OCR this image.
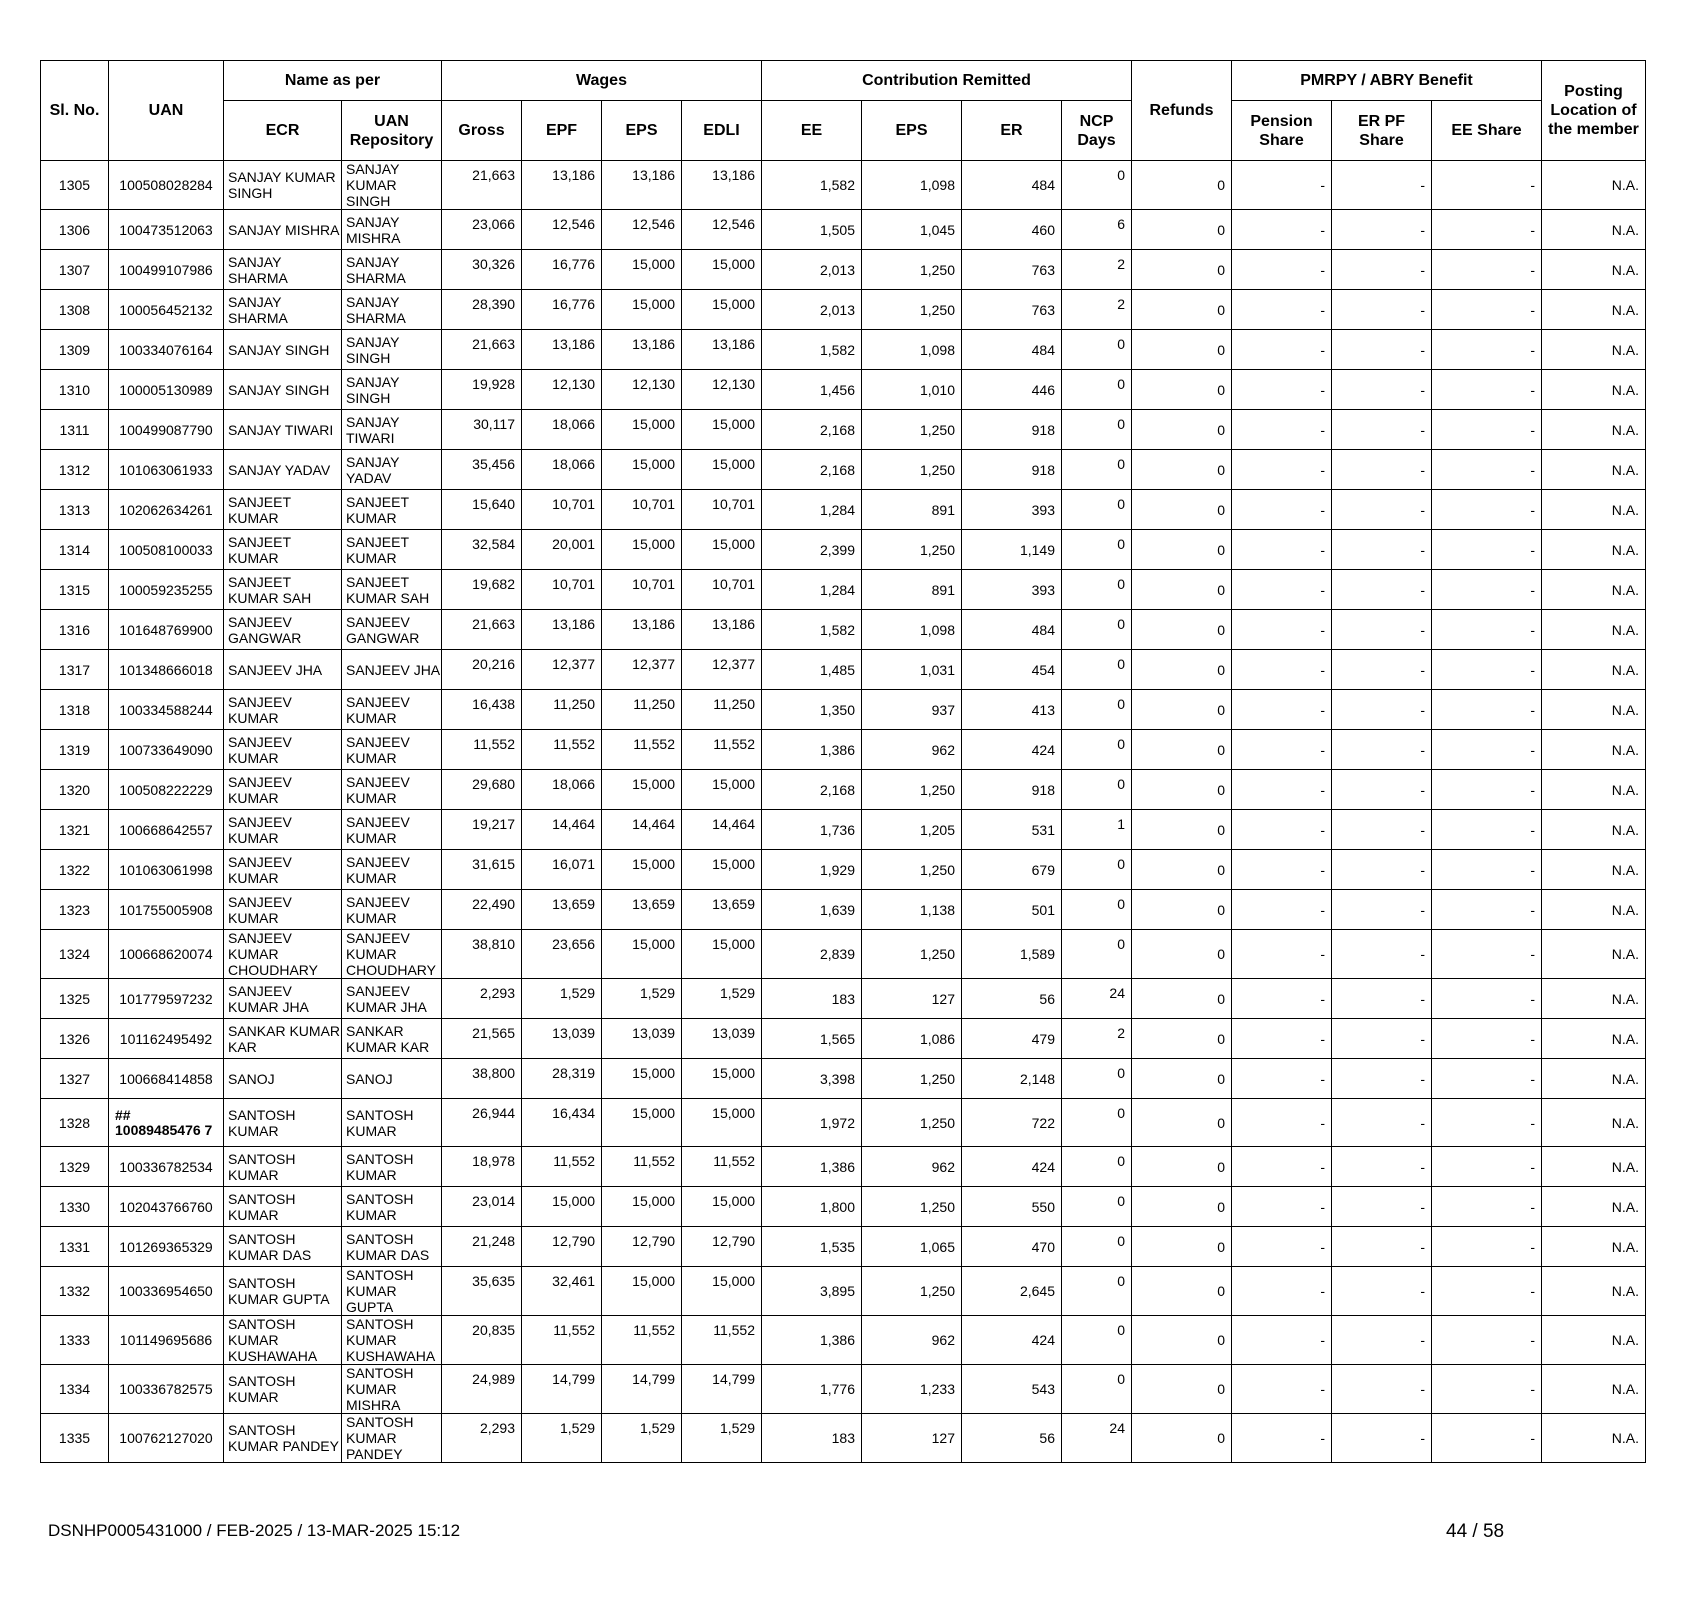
Sl. No.	UAN	Name as per		Wages				Contribution Remitted				Refunds	PMRPY / ABRY Benefit			Posting Location of the member
		ECR	UAN Repository	Gross	EPF	EPS	EDLI	EE	EPS	ER	NCP Days		Pension Share	ER PF Share	EE Share	
1305	100508028284	SANJAY KUMAR SINGH	SANJAY KUMAR SINGH	21,663	13,186	13,186	13,186	1,582	1,098	484	0	0	-	-	-	N.A.
1306	100473512063	SANJAY MISHRA	SANJAY MISHRA	23,066	12,546	12,546	12,546	1,505	1,045	460	6	0	-	-	-	N.A.
1307	100499107986	SANJAY SHARMA	SANJAY SHARMA	30,326	16,776	15,000	15,000	2,013	1,250	763	2	0	-	-	-	N.A.
1308	100056452132	SANJAY SHARMA	SANJAY SHARMA	28,390	16,776	15,000	15,000	2,013	1,250	763	2	0	-	-	-	N.A.
1309	100334076164	SANJAY SINGH	SANJAY SINGH	21,663	13,186	13,186	13,186	1,582	1,098	484	0	0	-	-	-	N.A.
1310	100005130989	SANJAY SINGH	SANJAY SINGH	19,928	12,130	12,130	12,130	1,456	1,010	446	0	0	-	-	-	N.A.
1311	100499087790	SANJAY TIWARI	SANJAY TIWARI	30,117	18,066	15,000	15,000	2,168	1,250	918	0	0	-	-	-	N.A.
1312	101063061933	SANJAY YADAV	SANJAY YADAV	35,456	18,066	15,000	15,000	2,168	1,250	918	0	0	-	-	-	N.A.
1313	102062634261	SANJEET KUMAR	SANJEET KUMAR	15,640	10,701	10,701	10,701	1,284	891	393	0	0	-	-	-	N.A.
1314	100508100033	SANJEET KUMAR	SANJEET KUMAR	32,584	20,001	15,000	15,000	2,399	1,250	1,149	0	0	-	-	-	N.A.
1315	100059235255	SANJEET KUMAR SAH	SANJEET KUMAR SAH	19,682	10,701	10,701	10,701	1,284	891	393	0	0	-	-	-	N.A.
1316	101648769900	SANJEEV GANGWAR	SANJEEV GANGWAR	21,663	13,186	13,186	13,186	1,582	1,098	484	0	0	-	-	-	N.A.
1317	101348666018	SANJEEV JHA	SANJEEV JHA	20,216	12,377	12,377	12,377	1,485	1,031	454	0	0	-	-	-	N.A.
1318	100334588244	SANJEEV KUMAR	SANJEEV KUMAR	16,438	11,250	11,250	11,250	1,350	937	413	0	0	-	-	-	N.A.
1319	100733649090	SANJEEV KUMAR	SANJEEV KUMAR	11,552	11,552	11,552	11,552	1,386	962	424	0	0	-	-	-	N.A.
1320	100508222229	SANJEEV KUMAR	SANJEEV KUMAR	29,680	18,066	15,000	15,000	2,168	1,250	918	0	0	-	-	-	N.A.
1321	100668642557	SANJEEV KUMAR	SANJEEV KUMAR	19,217	14,464	14,464	14,464	1,736	1,205	531	1	0	-	-	-	N.A.
1322	101063061998	SANJEEV KUMAR	SANJEEV KUMAR	31,615	16,071	15,000	15,000	1,929	1,250	679	0	0	-	-	-	N.A.
1323	101755005908	SANJEEV KUMAR	SANJEEV KUMAR	22,490	13,659	13,659	13,659	1,639	1,138	501	0	0	-	-	-	N.A.
1324	100668620074	SANJEEV KUMAR CHOUDHARY	SANJEEV KUMAR CHOUDHARY	38,810	23,656	15,000	15,000	2,839	1,250	1,589	0	0	-	-	-	N.A.
1325	101779597232	SANJEEV KUMAR JHA	SANJEEV KUMAR JHA	2,293	1,529	1,529	1,529	183	127	56	24	0	-	-	-	N.A.
1326	101162495492	SANKAR KUMAR KAR	SANKAR KUMAR KAR	21,565	13,039	13,039	13,039	1,565	1,086	479	2	0	-	-	-	N.A.
1327	100668414858	SANOJ	SANOJ	38,800	28,319	15,000	15,000	3,398	1,250	2,148	0	0	-	-	-	N.A.
1328	## 10089485476 7	SANTOSH KUMAR	SANTOSH KUMAR	26,944	16,434	15,000	15,000	1,972	1,250	722	0	0	-	-	-	N.A.
1329	100336782534	SANTOSH KUMAR	SANTOSH KUMAR	18,978	11,552	11,552	11,552	1,386	962	424	0	0	-	-	-	N.A.
1330	102043766760	SANTOSH KUMAR	SANTOSH KUMAR	23,014	15,000	15,000	15,000	1,800	1,250	550	0	0	-	-	-	N.A.
1331	101269365329	SANTOSH KUMAR DAS	SANTOSH KUMAR DAS	21,248	12,790	12,790	12,790	1,535	1,065	470	0	0	-	-	-	N.A.
1332	100336954650	SANTOSH KUMAR GUPTA	SANTOSH KUMAR GUPTA	35,635	32,461	15,000	15,000	3,895	1,250	2,645	0	0	-	-	-	N.A.
1333	101149695686	SANTOSH KUMAR KUSHAWAHA	SANTOSH KUMAR KUSHAWAHA	20,835	11,552	11,552	11,552	1,386	962	424	0	0	-	-	-	N.A.
1334	100336782575	SANTOSH KUMAR	SANTOSH KUMAR MISHRA	24,989	14,799	14,799	14,799	1,776	1,233	543	0	0	-	-	-	N.A.
1335	100762127020	SANTOSH KUMAR PANDEY	SANTOSH KUMAR PANDEY	2,293	1,529	1,529	1,529	183	127	56	24	0	-	-	-	N.A.
DSNHP0005431000 / FEB-2025 / 13-MAR-2025 15:12	44 / 58
